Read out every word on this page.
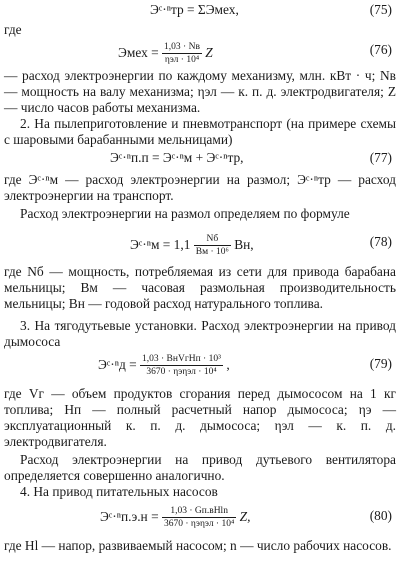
Эᶜ·ⁿтр = ΣЭмех,	(75)
где
Эмех = $\frac{1,03 \cdot Nв}{\text{ηэл · 10⁴}}$ Z	(76)
— расход электроэнергии по каждому механизму, млн. кВт · ч; Nв — мощность на валу механизма; ηэл — к. п. д. электродвигателя; Z — число часов работы механизма.
2. На пылеприготовление и пневмотранспорт (на примере схемы с шаровыми барабанными мельницами)
Эᶜ·ⁿп.п = Эᶜ·ⁿм + Эᶜ·ⁿтр,	(77)
где Эᶜ·ⁿм — расход электроэнергии на размол; Эᶜ·ⁿтр — расход электроэнергии на транспорт.
Расход электроэнергии на размол определяем по формуле
Эᶜ·ⁿм = $1,1 \frac{Nб}{\text{Bм · 10⁶}}$ Bн,	(78)
где Nб — мощность, потребляемая из сети для привода барабана мельницы; Bм — часовая размольная производительность мельницы; Bн — годовой расход натурального топлива.
3. На тягодутьевые установки. Расход электроэнергии на привод дымососа
Эᶜ·ⁿд = $\frac{\text{1,03 · BнVгHп · 10³}}{\text{3670 · ηэηэл · 10⁴}}$ ,	(79)
где Vг — объем продуктов сгорания перед дымососом на 1 кг топлива; Hп — полный расчетный напор дымососа; ηэ — эксплуатационный к. п. д. дымососа; ηэл — к. п. д. электродвигателя.
Расход электроэнергии на привод дутьевого вентилятора определяется совершенно аналогично.
4. На привод питательных насосов
Эᶜ·ⁿп.э.н = $\frac{1,03 \cdot Gп.вHln}{\text{3670 · ηэηэл · 10⁴}} Z$,	(80)
где Hl — напор, развиваемый насосом; n — число рабочих насосов.
